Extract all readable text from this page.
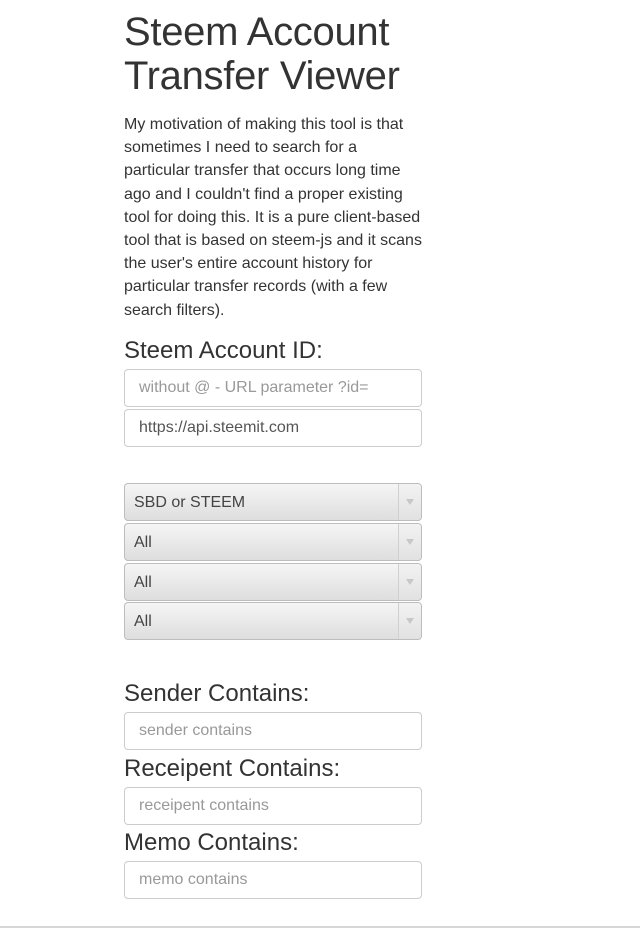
Steem Account Transfer Viewer

My motivation of making this tool is that sometimes I need to search for a particular transfer that occurs long time ago and I couldn't find a proper existing tool for doing this. It is a pure client-based tool that is based on steem-js and it scans the user's entire account history for particular transfer records (with a few search filters).

Steem Account ID:
without @ - URL parameter ?id=
https://api.steemit.com
SBD or STEEM
All
All
All
Sender Contains:
sender contains
Receipent Contains:
receipent contains
Memo Contains:
memo contains
